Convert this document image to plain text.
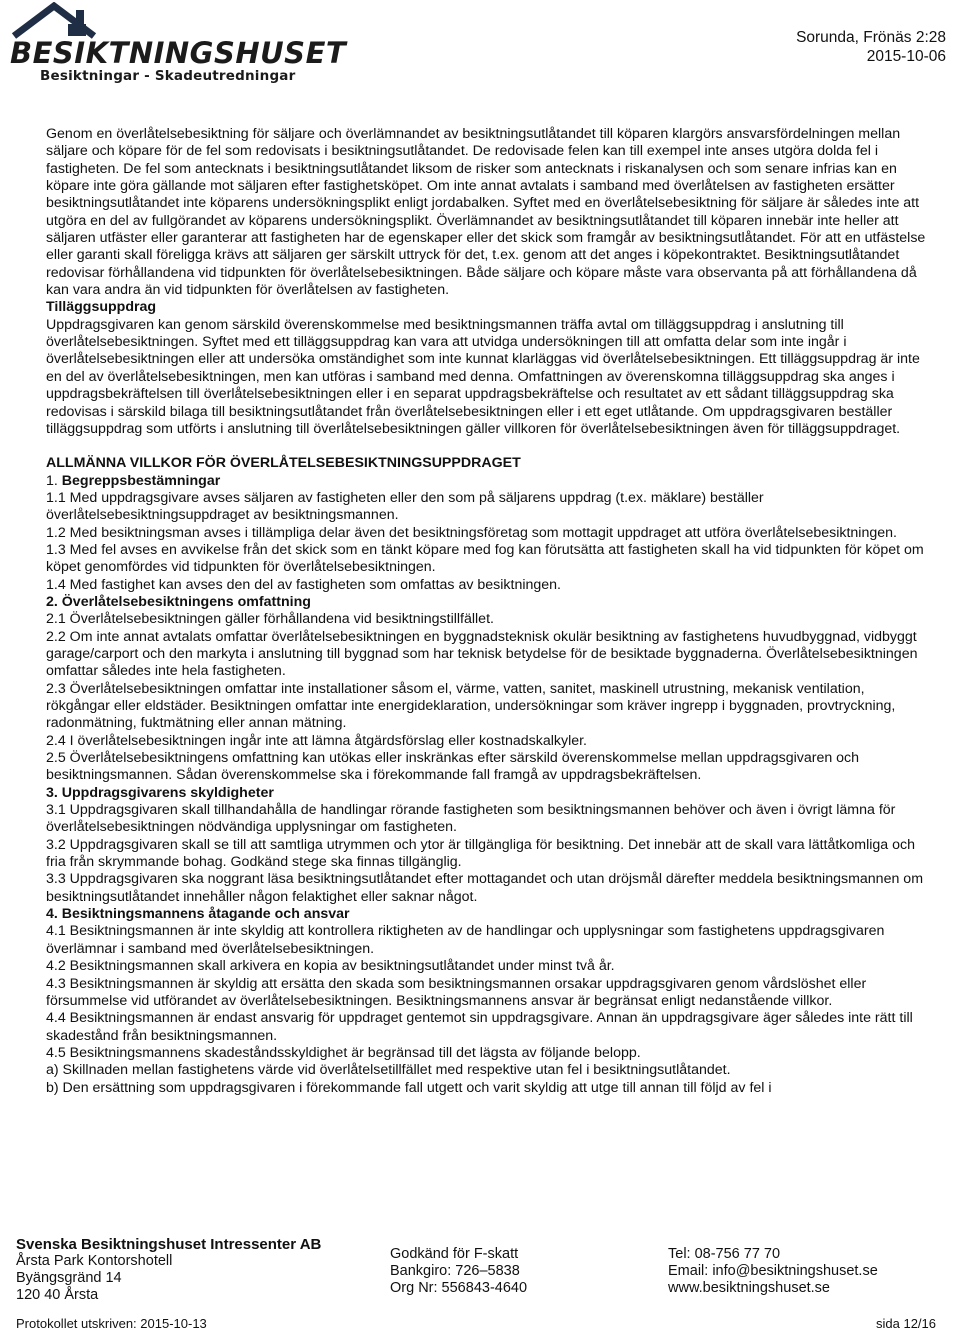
BESIKTNINGSHUSET
Besiktningar - Skadeutredningar
Sorunda, Frönäs 2:28
2015-10-06

Genom en överlåtelsebesiktning för säljare och överlämnandet av besiktningsutlåtandet till köparen klargörs ansvarsfördelningen mellan säljare och köpare för de fel som redovisats i besiktningsutlåtandet. De redovisade felen kan till exempel inte anses utgöra dolda fel i fastigheten. De fel som antecknats i besiktningsutlåtandet liksom de risker som antecknats i riskanalysen och som senare infrias kan en köpare inte göra gällande mot säljaren efter fastighetsköpet. Om inte annat avtalats i samband med överlåtelsen av fastigheten ersätter besiktningsutlåtandet inte köparens undersökningsplikt enligt jordabalken. Syftet med en överlåtelsebesiktning för säljare är således inte att utgöra en del av fullgörandet av köparens undersökningsplikt. Överlämnandet av besiktningsutlåtandet till köparen innebär inte heller att säljaren utfäster eller garanterar att fastigheten har de egenskaper eller det skick som framgår av besiktningsutlåtandet. För att en utfästelse eller garanti skall föreligga krävs att säljaren ger särskilt uttryck för det, t.ex. genom att det anges i köpekontraktet. Besiktningsutlåtandet redovisar förhållandena vid tidpunkten för överlåtelsebesiktningen. Både säljare och köpare måste vara observanta på att förhållandena då kan vara andra än vid tidpunkten för överlåtelsen av fastigheten.

Tilläggsuppdrag

Uppdragsgivaren kan genom särskild överenskommelse med besiktningsmannen träffa avtal om tilläggsuppdrag i anslutning till överlåtelsebesiktningen. Syftet med ett tilläggsuppdrag kan vara att utvidga undersökningen till att omfatta delar som inte ingår i överlåtelsebesiktningen eller att undersöka omständighet som inte kunnat klarläggas vid överlåtelsebesiktningen. Ett tilläggsuppdrag är inte en del av överlåtelsebesiktningen, men kan utföras i samband med denna. Omfattningen av överenskomna tilläggsuppdrag ska anges i uppdragsbekräftelsen till överlåtelsebesiktningen eller i en separat uppdragsbekräftelse och resultatet av ett sådant tilläggsuppdrag ska redovisas i särskild bilaga till besiktningsutlåtandet från överlåtelsebesiktningen eller i ett eget utlåtande. Om uppdragsgivaren beställer tilläggsuppdrag som utförts i anslutning till överlåtelsebesiktningen gäller villkoren för överlåtelsebesiktningen även för tilläggsuppdraget.

ALLMÄNNA VILLKOR FÖR ÖVERLÅTELSEBESIKTNINGSUPPDRAGET

1. Begreppsbestämningar

1.1 Med uppdragsgivare avses säljaren av fastigheten eller den som på säljarens uppdrag (t.ex. mäklare) beställer överlåtelsebesiktningsuppdraget av besiktningsmannen.

1.2 Med besiktningsman avses i tillämpliga delar även det besiktningsföretag som mottagit uppdraget att utföra överlåtelsebesiktningen.

1.3 Med fel avses en avvikelse från det skick som en tänkt köpare med fog kan förutsätta att fastigheten skall ha vid tidpunkten för köpet om köpet genomfördes vid tidpunkten för överlåtelsebesiktningen.

1.4 Med fastighet kan avses den del av fastigheten som omfattas av besiktningen.

2. Överlåtelsebesiktningens omfattning

2.1 Överlåtelsebesiktningen gäller förhållandena vid besiktningstillfället.

2.2 Om inte annat avtalats omfattar överlåtelsebesiktningen en byggnadsteknisk okulär besiktning av fastighetens huvudbyggnad, vidbyggt garage/carport och den markyta i anslutning till byggnad som har teknisk betydelse för de besiktade byggnaderna. Överlåtelsebesiktningen omfattar således inte hela fastigheten.

2.3 Överlåtelsebesiktningen omfattar inte installationer såsom el, värme, vatten, sanitet, maskinell utrustning, mekanisk ventilation, rökgångar eller eldstäder. Besiktningen omfattar inte energideklaration, undersökningar som kräver ingrepp i byggnaden, provtryckning, radonmätning, fuktmätning eller annan mätning.

2.4 I överlåtelsebesiktningen ingår inte att lämna åtgärdsförslag eller kostnadskalkyler.

2.5 Överlåtelsebesiktningens omfattning kan utökas eller inskränkas efter särskild överenskommelse mellan uppdragsgivaren och besiktningsmannen. Sådan överenskommelse ska i förekommande fall framgå av uppdragsbekräftelsen.

3. Uppdragsgivarens skyldigheter

3.1 Uppdragsgivaren skall tillhandahålla de handlingar rörande fastigheten som besiktningsmannen behöver och även i övrigt lämna för överlåtelsebesiktningen nödvändiga upplysningar om fastigheten.

3.2 Uppdragsgivaren skall se till att samtliga utrymmen och ytor är tillgängliga för besiktning. Det innebär att de skall vara lättåtkomliga och fria från skrymmande bohag. Godkänd stege ska finnas tillgänglig.

3.3 Uppdragsgivaren ska noggrant läsa besiktningsutlåtandet efter mottagandet och utan dröjsmål därefter meddela besiktningsmannen om besiktningsutlåtandet innehåller någon felaktighet eller saknar något.

4. Besiktningsmannens åtagande och ansvar

4.1 Besiktningsmannen är inte skyldig att kontrollera riktigheten av de handlingar och upplysningar som fastighetens uppdragsgivaren överlämnar i samband med överlåtelsebesiktningen.

4.2 Besiktningsmannen skall arkivera en kopia av besiktningsutlåtandet under minst två år.

4.3 Besiktningsmannen är skyldig att ersätta den skada som besiktningsmannen orsakar uppdragsgivaren genom vårdslöshet eller försummelse vid utförandet av överlåtelsebesiktningen. Besiktningsmannens ansvar är begränsat enligt nedanstående villkor.

4.4 Besiktningsmannen är endast ansvarig för uppdraget gentemot sin uppdragsgivare. Annan än uppdragsgivare äger således inte rätt till skadestånd från besiktningsmannen.

4.5 Besiktningsmannens skadeståndsskyldighet är begränsad till det lägsta av följande belopp.

a) Skillnaden mellan fastighetens värde vid överlåtelsetillfället med respektive utan fel i besiktningsutlåtandet.

b) Den ersättning som uppdragsgivaren i förekommande fall utgett och varit skyldig att utge till annan till följd av fel i

Svenska Besiktningshuset Intressenter AB
Årsta Park Kontorshotell
Byängsgränd 14
120 40 Årsta
Godkänd för F-skatt
Bankgiro: 726–5838
Org Nr: 556843-4640
Tel: 08-756 77 70
Email: info@besiktningshuset.se
www.besiktningshuset.se
Protokollet utskriven: 2015-10-13	sida 12/16
